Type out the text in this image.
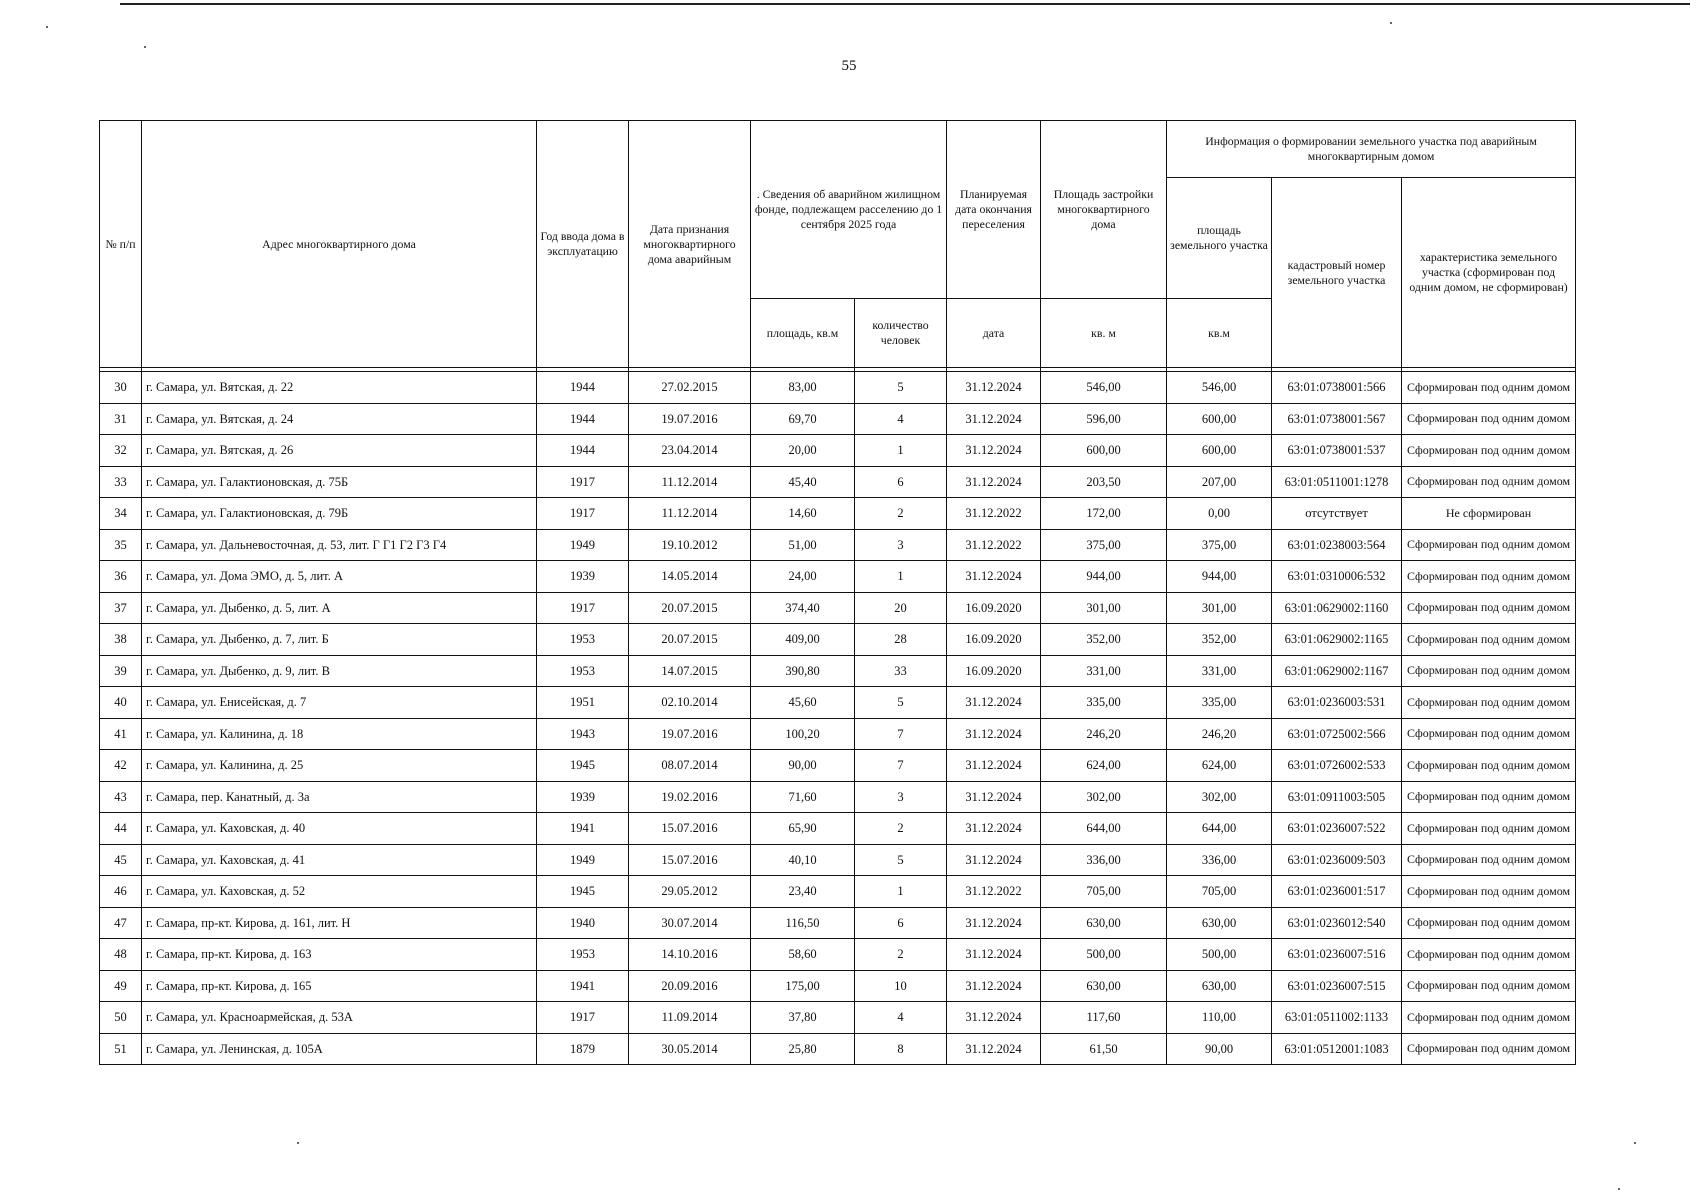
55
№ п/п	Адрес многоквартирного дома	Год ввода дома в эксплуатацию	Дата признания многоквартирного дома аварийным	. Сведения об аварийном жилищном фонде, подлежащем расселению до 1 сентября 2025 года		Планируемая дата окончания переселения	Площадь застройки многоквартирного дома	Информация о формировании земельного участка под аварийным многоквартирным домом		
								площадь земельного участка	кадастровый номер земельного участка	характеристика земельного участка (сформирован под одним домом, не сформирован)
				площадь, кв.м	количество человек	дата	кв. м	кв.м		

30	г. Самара, ул. Вятская, д. 22	1944	27.02.2015	83,00	5	31.12.2024	546,00	546,00	63:01:0738001:566	Сформирован под одним домом
31	г. Самара, ул. Вятская, д. 24	1944	19.07.2016	69,70	4	31.12.2024	596,00	600,00	63:01:0738001:567	Сформирован под одним домом
32	г. Самара, ул. Вятская, д. 26	1944	23.04.2014	20,00	1	31.12.2024	600,00	600,00	63:01:0738001:537	Сформирован под одним домом
33	г. Самара, ул. Галактионовская, д. 75Б	1917	11.12.2014	45,40	6	31.12.2024	203,50	207,00	63:01:0511001:1278	Сформирован под одним домом
34	г. Самара, ул. Галактионовская, д. 79Б	1917	11.12.2014	14,60	2	31.12.2022	172,00	0,00	отсутствует	Не сформирован
35	г. Самара, ул. Дальневосточная, д. 53, лит. Г Г1 Г2 Г3 Г4	1949	19.10.2012	51,00	3	31.12.2022	375,00	375,00	63:01:0238003:564	Сформирован под одним домом
36	г. Самара, ул. Дома ЭМО, д. 5, лит. А	1939	14.05.2014	24,00	1	31.12.2024	944,00	944,00	63:01:0310006:532	Сформирован под одним домом
37	г. Самара, ул. Дыбенко, д. 5, лит. А	1917	20.07.2015	374,40	20	16.09.2020	301,00	301,00	63:01:0629002:1160	Сформирован под одним домом
38	г. Самара, ул. Дыбенко, д. 7, лит. Б	1953	20.07.2015	409,00	28	16.09.2020	352,00	352,00	63:01:0629002:1165	Сформирован под одним домом
39	г. Самара, ул. Дыбенко, д. 9, лит. В	1953	14.07.2015	390,80	33	16.09.2020	331,00	331,00	63:01:0629002:1167	Сформирован под одним домом
40	г. Самара, ул. Енисейская, д. 7	1951	02.10.2014	45,60	5	31.12.2024	335,00	335,00	63:01:0236003:531	Сформирован под одним домом
41	г. Самара, ул. Калинина, д. 18	1943	19.07.2016	100,20	7	31.12.2024	246,20	246,20	63:01:0725002:566	Сформирован под одним домом
42	г. Самара, ул. Калинина, д. 25	1945	08.07.2014	90,00	7	31.12.2024	624,00	624,00	63:01:0726002:533	Сформирован под одним домом
43	г. Самара, пер. Канатный, д. 3а	1939	19.02.2016	71,60	3	31.12.2024	302,00	302,00	63:01:0911003:505	Сформирован под одним домом
44	г. Самара, ул. Каховская, д. 40	1941	15.07.2016	65,90	2	31.12.2024	644,00	644,00	63:01:0236007:522	Сформирован под одним домом
45	г. Самара, ул. Каховская, д. 41	1949	15.07.2016	40,10	5	31.12.2024	336,00	336,00	63:01:0236009:503	Сформирован под одним домом
46	г. Самара, ул. Каховская, д. 52	1945	29.05.2012	23,40	1	31.12.2022	705,00	705,00	63:01:0236001:517	Сформирован под одним домом
47	г. Самара, пр-кт. Кирова, д. 161, лит. Н	1940	30.07.2014	116,50	6	31.12.2024	630,00	630,00	63:01:0236012:540	Сформирован под одним домом
48	г. Самара, пр-кт. Кирова, д. 163	1953	14.10.2016	58,60	2	31.12.2024	500,00	500,00	63:01:0236007:516	Сформирован под одним домом
49	г. Самара, пр-кт. Кирова, д. 165	1941	20.09.2016	175,00	10	31.12.2024	630,00	630,00	63:01:0236007:515	Сформирован под одним домом
50	г. Самара, ул. Красноармейская, д. 53А	1917	11.09.2014	37,80	4	31.12.2024	117,60	110,00	63:01:0511002:1133	Сформирован под одним домом
51	г. Самара, ул. Ленинская, д. 105А	1879	30.05.2014	25,80	8	31.12.2024	61,50	90,00	63:01:0512001:1083	Сформирован под одним домом
